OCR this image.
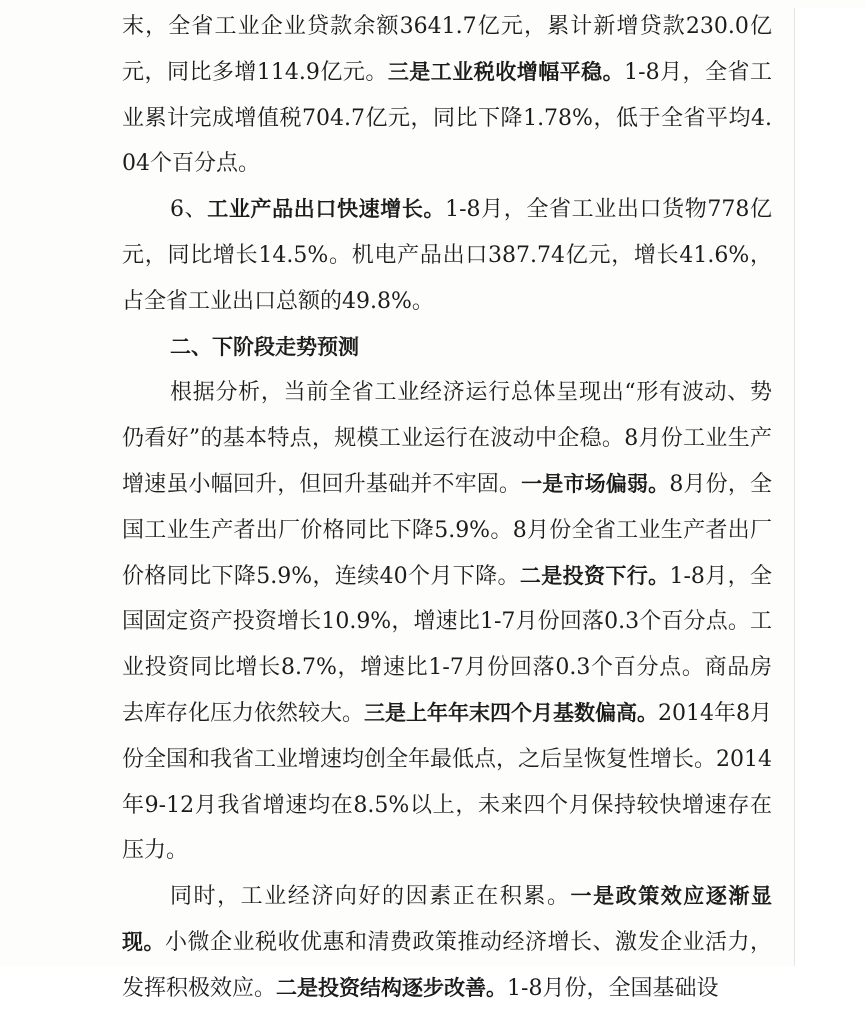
末，全省工业企业贷款余额3641.7亿元，累计新增贷款230.0亿元，同比多增114.9亿元。三是工业税收增幅平稳。1-8月，全省工业累计完成增值税704.7亿元，同比下降1.78%，低于全省平均4.04个百分点。

6、工业产品出口快速增长。1-8月，全省工业出口货物778亿元，同比增长14.5%。机电产品出口387.74亿元，增长41.6%，占全省工业出口总额的49.8%。

二、下阶段走势预测

根据分析，当前全省工业经济运行总体呈现出“形有波动、势仍看好”的基本特点，规模工业运行在波动中企稳。8月份工业生产增速虽小幅回升，但回升基础并不牢固。一是市场偏弱。8月份，全国工业生产者出厂价格同比下降5.9%。8月份全省工业生产者出厂价格同比下降5.9%，连续40个月下降。二是投资下行。1-8月，全国固定资产投资增长10.9%，增速比1-7月份回落0.3个百分点。工业投资同比增长8.7%，增速比1-7月份回落0.3个百分点。商品房去库存化压力依然较大。三是上年年末四个月基数偏高。2014年8月份全国和我省工业增速均创全年最低点，之后呈恢复性增长。2014年9-12月我省增速均在8.5%以上，未来四个月保持较快增速存在压力。

同时，工业经济向好的因素正在积累。一是政策效应逐渐显现。小微企业税收优惠和清费政策推动经济增长、激发企业活力，发挥积极效应。二是投资结构逐步改善。1-8月份，全国基础设
